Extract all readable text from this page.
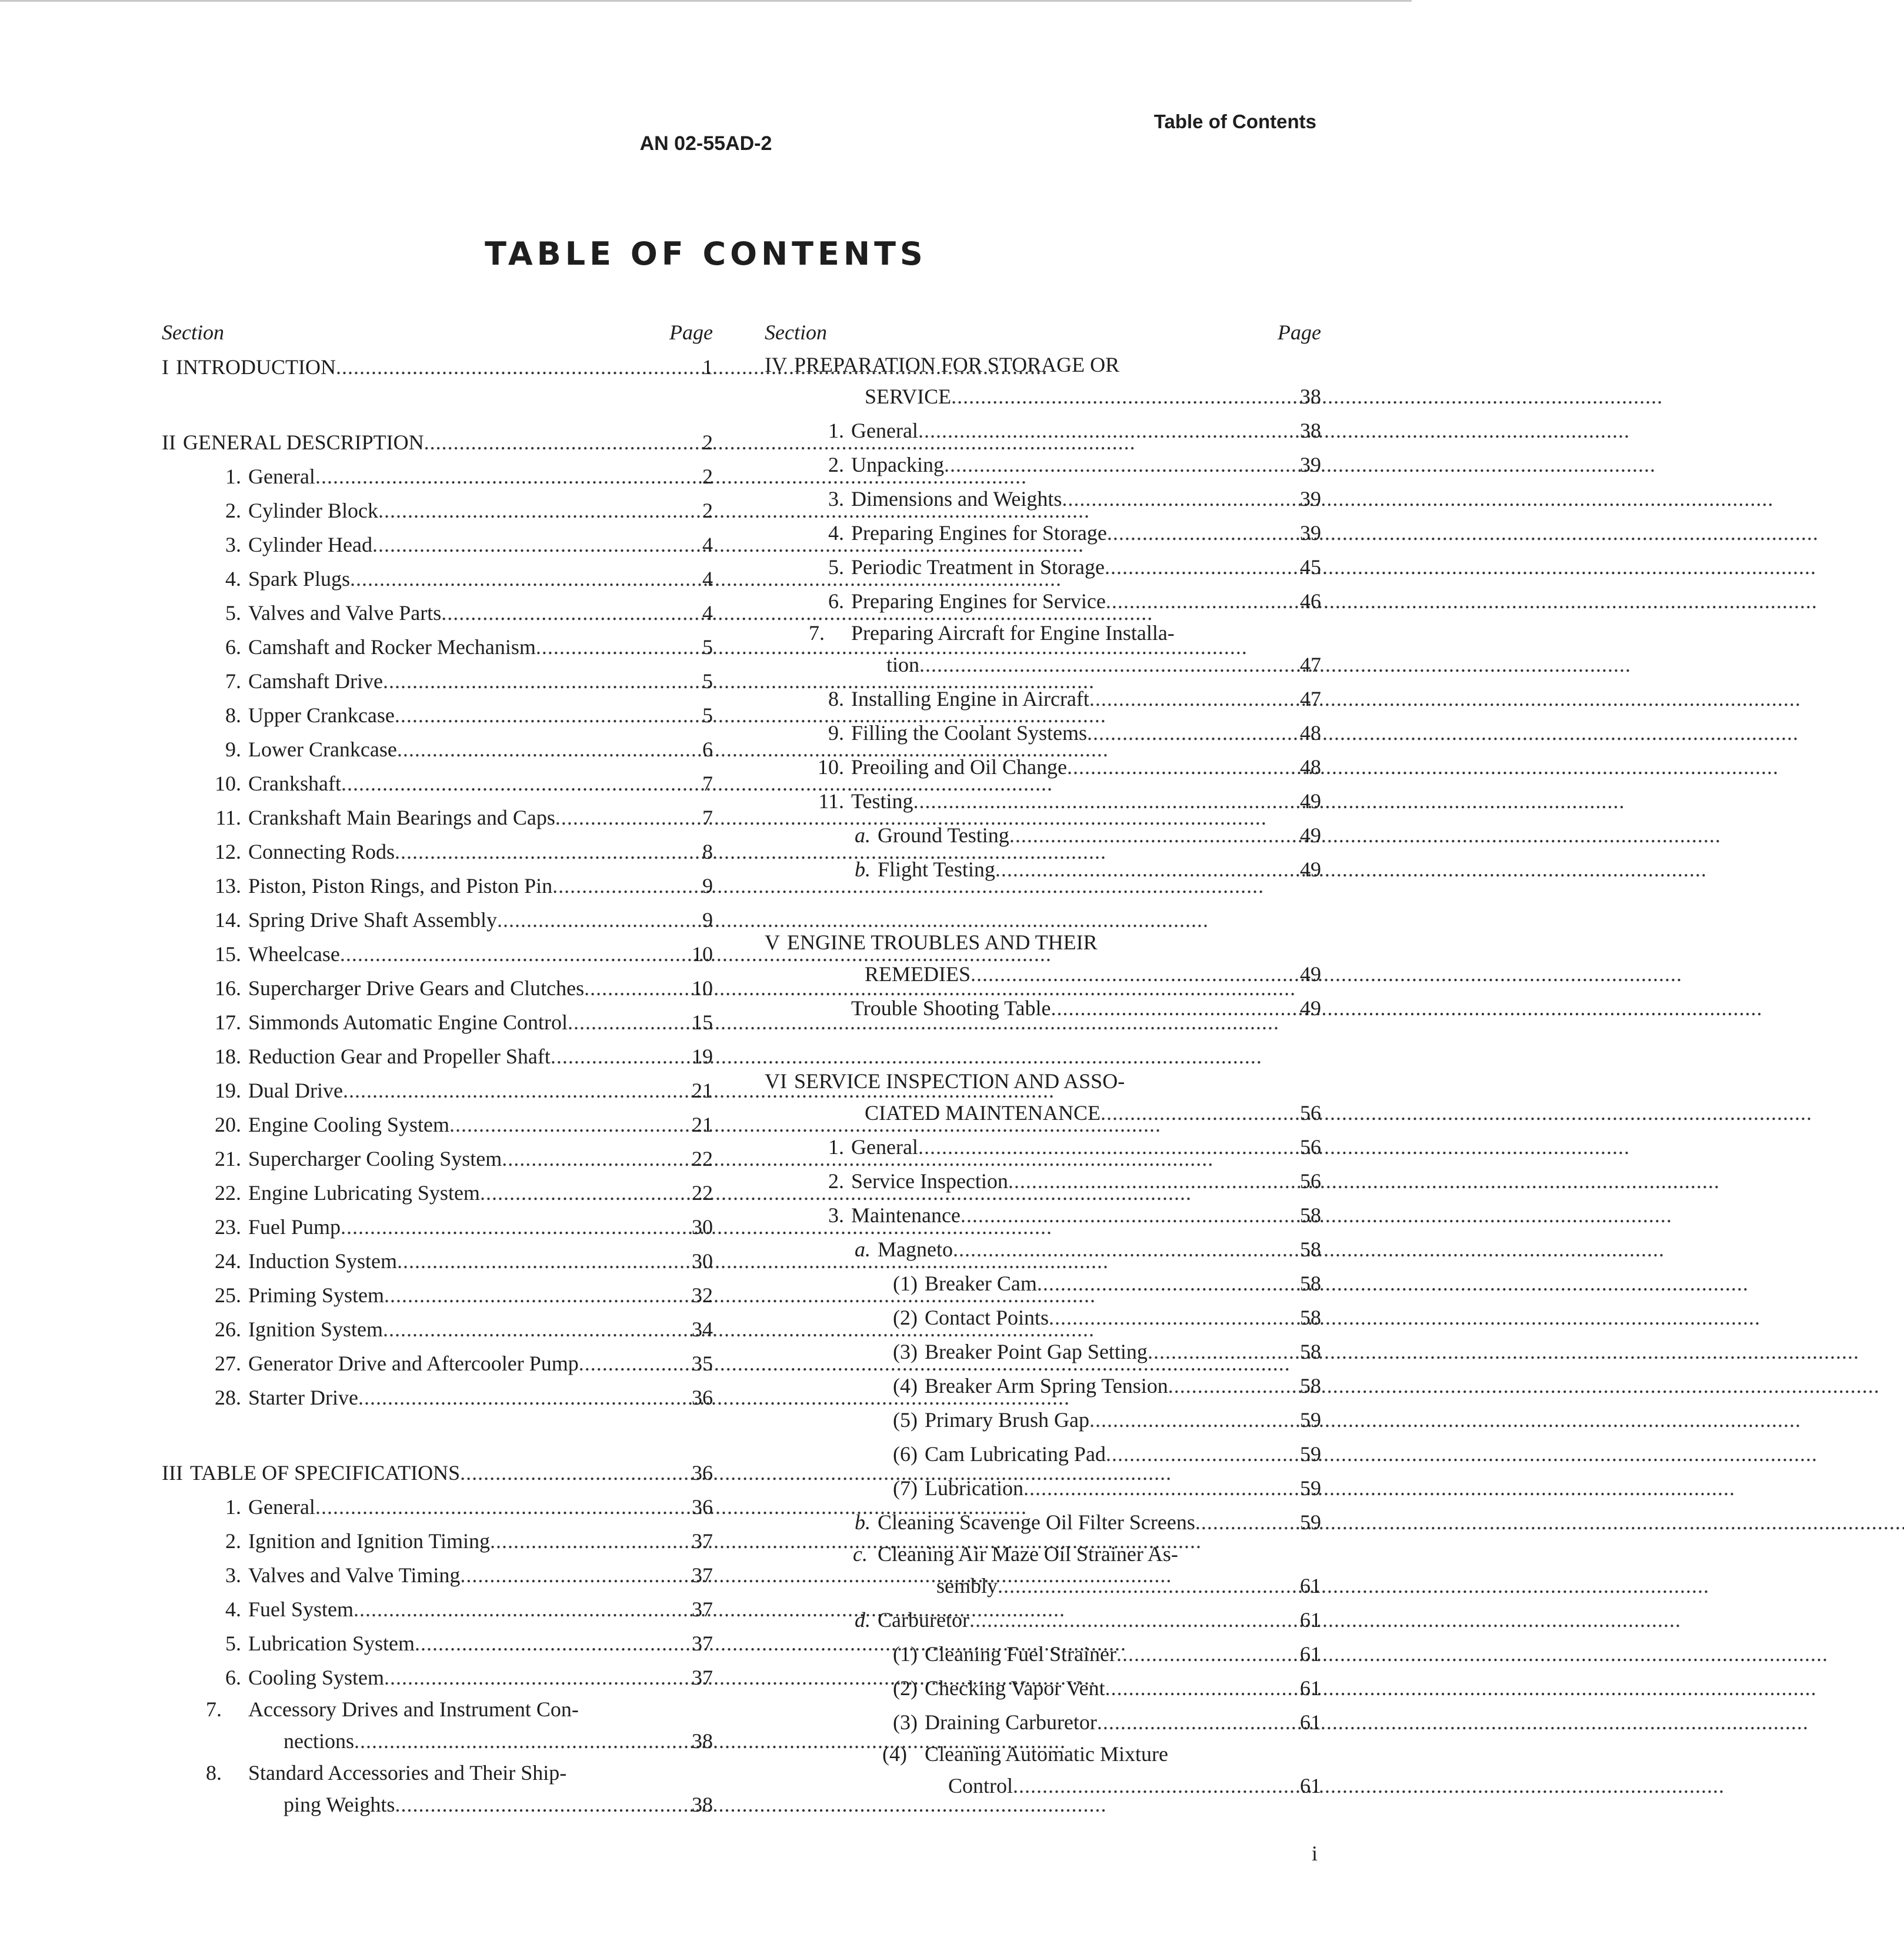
AN 02-55AD-2
Table of Contents
TABLE OF CONTENTS
Section	Page
I INTRODUCTION . . .	1
II GENERAL DESCRIPTION . . .	2
1. General . . .	2
2. Cylinder Block . . .	2
3. Cylinder Head . . .	4
4. Spark Plugs . . .	4
5. Valves and Valve Parts . . .	4
6. Camshaft and Rocker Mechanism . . .	5
7. Camshaft Drive . . .	5
8. Upper Crankcase . . .	5
9. Lower Crankcase . . .	6
10. Crankshaft . . .	7
11. Crankshaft Main Bearings and Caps . . .	7
12. Connecting Rods . . .	8
13. Piston, Piston Rings, and Piston Pin . . .	9
14. Spring Drive Shaft Assembly . . .	9
15. Wheelcase . . .	10
16. Supercharger Drive Gears and Clutches . . .	10
17. Simmonds Automatic Engine Control . . .	15
18. Reduction Gear and Propeller Shaft . . .	19
19. Dual Drive . . .	21
20. Engine Cooling System . . .	21
21. Supercharger Cooling System . . .	22
22. Engine Lubricating System . . .	22
23. Fuel Pump . . .	30
24. Induction System . . .	30
25. Priming System . . .	32
26. Ignition System . . .	34
27. Generator Drive and Aftercooler Pump . . .	35
28. Starter Drive . . .	36
III TABLE OF SPECIFICATIONS . . .	36
1. General . . .	36
2. Ignition and Ignition Timing . . .	37
3. Valves and Valve Timing . . .	37
4. Fuel System . . .	37
5. Lubrication System . . .	37
6. Cooling System . . .	37
7. Accessory Drives and Instrument Con-
nections . . .	38
8. Standard Accessories and Their Ship-
ping Weights . . .	38
Section	Page
IV PREPARATION FOR STORAGE OR
SERVICE . . .	38
1. General . . .	38
2. Unpacking . . .	39
3. Dimensions and Weights . . .	39
4. Preparing Engines for Storage . . .	39
5. Periodic Treatment in Storage . . .	45
6. Preparing Engines for Service . . .	46
7. Preparing Aircraft for Engine Installa-
tion . . .	47
8. Installing Engine in Aircraft . . .	47
9. Filling the Coolant Systems . . .	48
10. Preoiling and Oil Change . . .	48
11. Testing . . .	49
a. Ground Testing . . .	49
b. Flight Testing . . .	49
V ENGINE TROUBLES AND THEIR
REMEDIES . . .	49
Trouble Shooting Table . . .	49
VI SERVICE INSPECTION AND ASSO-
CIATED MAINTENANCE . . .	56
1. General . . .	56
2. Service Inspection . . .	56
3. Maintenance . . .	58
a. Magneto . . .	58
(1) Breaker Cam . . .	58
(2) Contact Points . . .	58
(3) Breaker Point Gap Setting . . .	58
(4) Breaker Arm Spring Tension . . .	58
(5) Primary Brush Gap . . .	59
(6) Cam Lubricating Pad . . .	59
(7) Lubrication . . .	59
b. Cleaning Scavenge Oil Filter Screens . . .	59
c. Cleaning Air Maze Oil Strainer As-
sembly . . .	61
d. Carburetor . . .	61
(1) Cleaning Fuel Strainer . . .	61
(2) Checking Vapor Vent . . .	61
(3) Draining Carburetor . . .	61
(4) Cleaning Automatic Mixture
Control . . .	61
i
